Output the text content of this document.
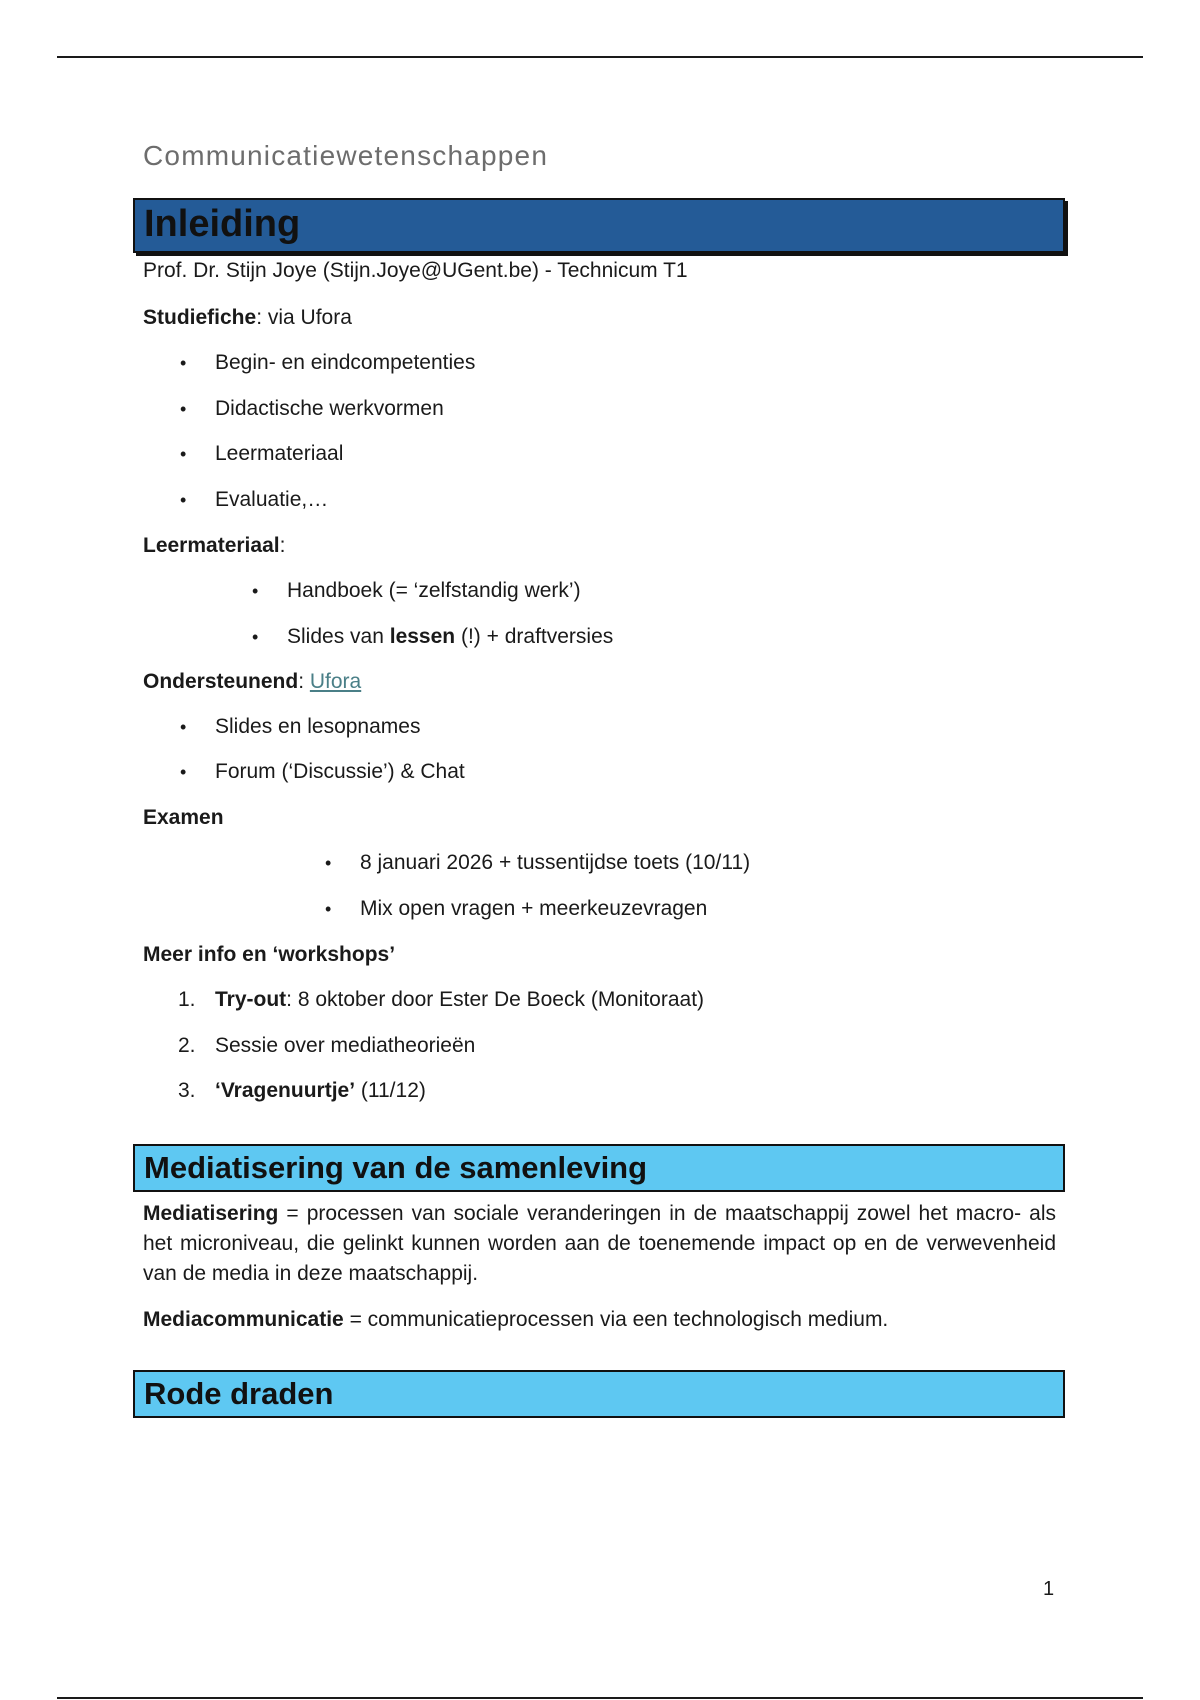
Communicatiewetenschappen
Inleiding
Prof. Dr. Stijn Joye (Stijn.Joye@UGent.be) - Technicum T1
Studiefiche: via Ufora
• Begin- en eindcompetenties
• Didactische werkvormen
• Leermateriaal
• Evaluatie,…
Leermateriaal:
• Handboek (= ‘zelfstandig werk’)
• Slides van lessen (!) + draftversies
Ondersteunend: Ufora
• Slides en lesopnames
• Forum (‘Discussie’) & Chat
Examen
• 8 januari 2026 + tussentijdse toets (10/11)
• Mix open vragen + meerkeuzevragen
Meer info en ‘workshops’
1. Try-out: 8 oktober door Ester De Boeck (Monitoraat)
2. Sessie over mediatheorieën
3. ‘Vragenuurtje’ (11/12)
Mediatisering van de samenleving
Mediatisering = processen van sociale veranderingen in de maatschappij zowel het macro- als het microniveau, die gelinkt kunnen worden aan de toenemende impact op en de verwevenheid van de media in deze maatschappij.
Mediacommunicatie = communicatieprocessen via een technologisch medium.
Rode draden
1
